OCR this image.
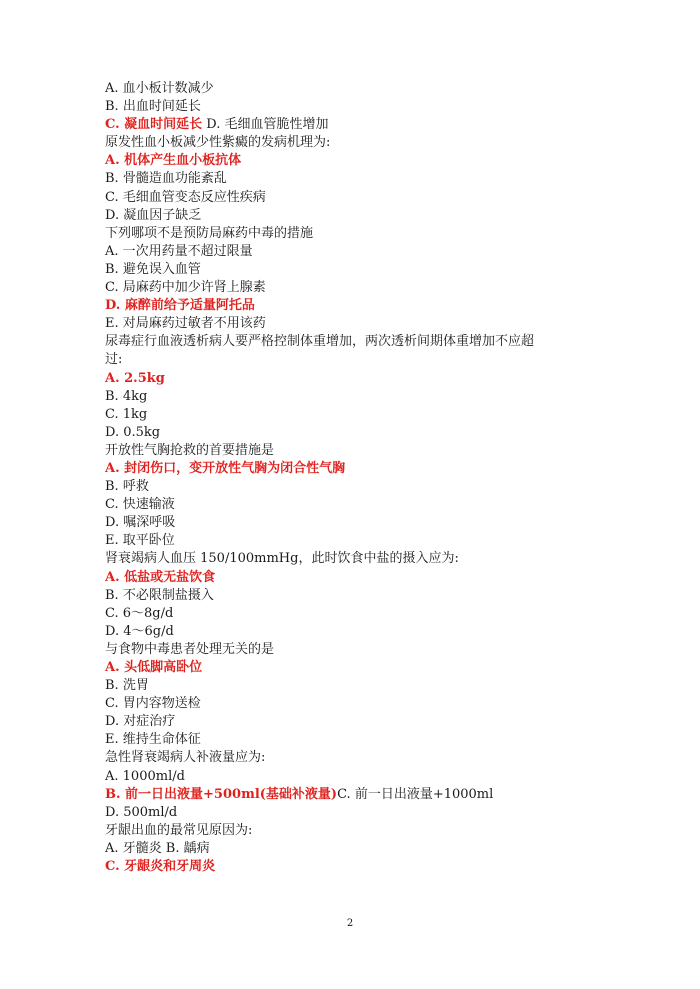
A. 血小板计数减少
B. 出血时间延长
C. 凝血时间延长 D. 毛细血管脆性增加
原发性血小板减少性紫癜的发病机理为:
A. 机体产生血小板抗体
B. 骨髓造血功能紊乱
C. 毛细血管变态反应性疾病
D. 凝血因子缺乏
下列哪项不是预防局麻药中毒的措施
A. 一次用药量不超过限量
B. 避免误入血管
C. 局麻药中加少许肾上腺素
D. 麻醉前给予适量阿托品
E. 对局麻药过敏者不用该药
尿毒症行血液透析病人要严格控制体重增加，两次透析间期体重增加不应超
过:
A. 2.5kg
B. 4kg
C. 1kg
D. 0.5kg
开放性气胸抢救的首要措施是
A. 封闭伤口，变开放性气胸为闭合性气胸
B. 呼救
C. 快速输液
D. 嘱深呼吸
E. 取平卧位
肾衰竭病人血压 150/100mmHg，此时饮食中盐的摄入应为:
A. 低盐或无盐饮食
B. 不必限制盐摄入
C. 6～8g/d
D. 4～6g/d
与食物中毒患者处理无关的是
A. 头低脚高卧位
B. 洗胃
C. 胃内容物送检
D. 对症治疗
E. 维持生命体征
急性肾衰竭病人补液量应为:
A. 1000ml/d
B. 前一日出液量+500ml(基础补液量)C. 前一日出液量+1000ml
D. 500ml/d
牙龈出血的最常见原因为:
A. 牙髓炎 B. 龋病
C. 牙龈炎和牙周炎
2
